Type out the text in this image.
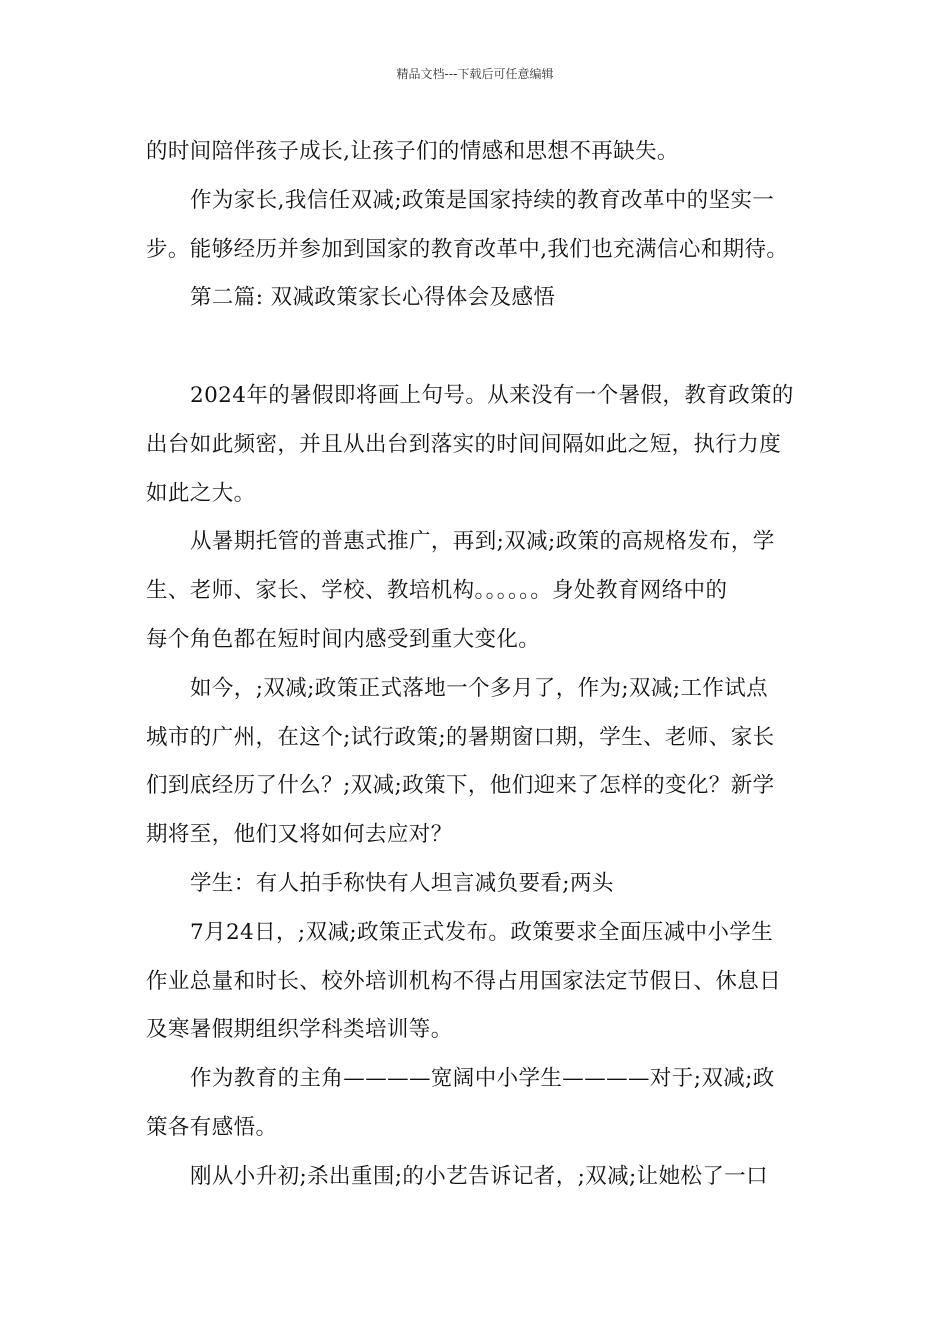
精品文档---下载后可任意编辑
的时间陪伴孩子成长,让孩子们的情感和思想不再缺失。
作为家长,我信任双减;政策是国家持续的教育改革中的坚实一
步。能够经历并参加到国家的教育改革中,我们也充满信心和期待。
第二篇: 双减政策家长心得体会及感悟
2024年的暑假即将画上句号。从来没有一个暑假，教育政策的
出台如此频密，并且从出台到落实的时间间隔如此之短，执行力度
如此之大。
从暑期托管的普惠式推广，再到;双减;政策的高规格发布，学
生、老师、家长、学校、教培机构。。。。。。身处教育网络中的
每个角色都在短时间内感受到重大变化。
如今，;双减;政策正式落地一个多月了，作为;双减;工作试点
城市的广州，在这个;试行政策;的暑期窗口期，学生、老师、家长
们到底经历了什么？;双减;政策下，他们迎来了怎样的变化？新学
期将至，他们又将如何去应对？
学生：有人拍手称快有人坦言减负要看;两头
7月24日，;双减;政策正式发布。政策要求全面压减中小学生
作业总量和时长、校外培训机构不得占用国家法定节假日、休息日
及寒暑假期组织学科类培训等。
作为教育的主角————宽阔中小学生————对于;双减;政
策各有感悟。
刚从小升初;杀出重围;的小艺告诉记者，;双减;让她松了一口
